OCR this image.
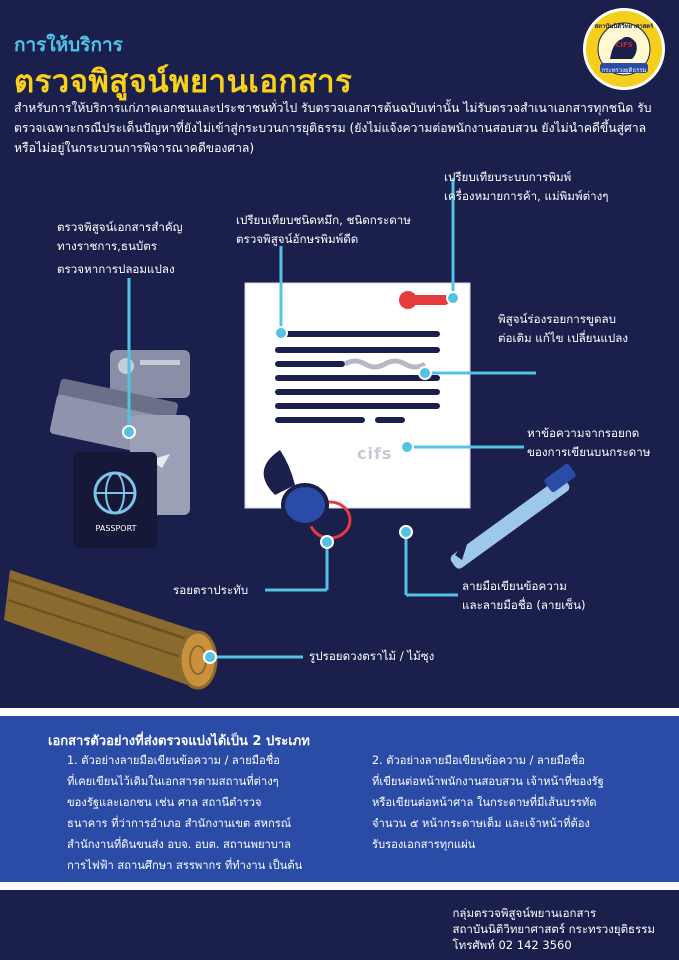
การให้บริการ
ตรวจพิสูจน์พยานเอกสาร
สถาบันนิติวิทยาศาสตร์
CIFS
กระทรวงยุติธรรม
สำหรับการให้บริการแก่ภาคเอกชนและประชาชนทั่วไป รับตรวจเอกสารต้นฉบับเท่านั้น ไม่รับตรวจสำเนาเอกสารทุกชนิด รับตรวจเฉพาะกรณีประเด็นปัญหาที่ยังไม่เข้าสู่กระบวนการยุติธรรม (ยังไม่แจ้งความต่อพนักงานสอบสวน ยังไม่นำคดีขึ้นสู่ศาล หรือไม่อยู่ในกระบวนการพิจารณาคดีของศาล)
cifs
PASSPORT
ตรวจพิสูจน์เอกสารสำคัญ
ทางราชการ,ธนบัตร
ตรวจหาการปลอมแปลง
เปรียบเทียบชนิดหมึก, ชนิดกระดาษ
ตรวจพิสูจน์อักษรพิมพ์ดีด
เปรียบเทียบระบบการพิมพ์
เครื่องหมายการค้า, แม่พิมพ์ต่างๆ
พิสูจน์ร่องรอยการขูดลบ
ต่อเติม แก้ไข เปลี่ยนแปลง
หาข้อความจากรอยกด
ของการเขียนบนกระดาษ
รอยตราประทับ	ลายมือเขียนข้อความ
และลายมือชื่อ (ลายเซ็น)
รูปรอยดวงตราไม้ / ไม้ซุง
เอกสารตัวอย่างที่ส่งตรวจแบ่งได้เป็น 2 ประเภท
1. ตัวอย่างลายมือเขียนข้อความ / ลายมือชื่อ
ที่เคยเขียนไว้เดิมในเอกสารตามสถานที่ต่างๆ
ของรัฐและเอกชน เช่น ศาล สถานีตำรวจ
ธนาคาร ที่ว่าการอำเภอ สำนักงานเขต สหกรณ์
สำนักงานที่ดินขนส่ง อบจ. อบต. สถานพยาบาล
การไฟฟ้า สถานศึกษา สรรพากร ที่ทำงาน เป็นต้น
2. ตัวอย่างลายมือเขียนข้อความ / ลายมือชื่อ
ที่เขียนต่อหน้าพนักงานสอบสวน เจ้าหน้าที่ของรัฐ
หรือเขียนต่อหน้าศาล ในกระดาษที่มีเส้นบรรทัด
จำนวน ๕ หน้ากระดาษเต็ม และเจ้าหน้าที่ต้อง
รับรองเอกสารทุกแผ่น
กลุ่มตรวจพิสูจน์พยานเอกสาร
สถาบันนิติวิทยาศาสตร์ กระทรวงยุติธรรม
โทรศัพท์ 02 142 3560
